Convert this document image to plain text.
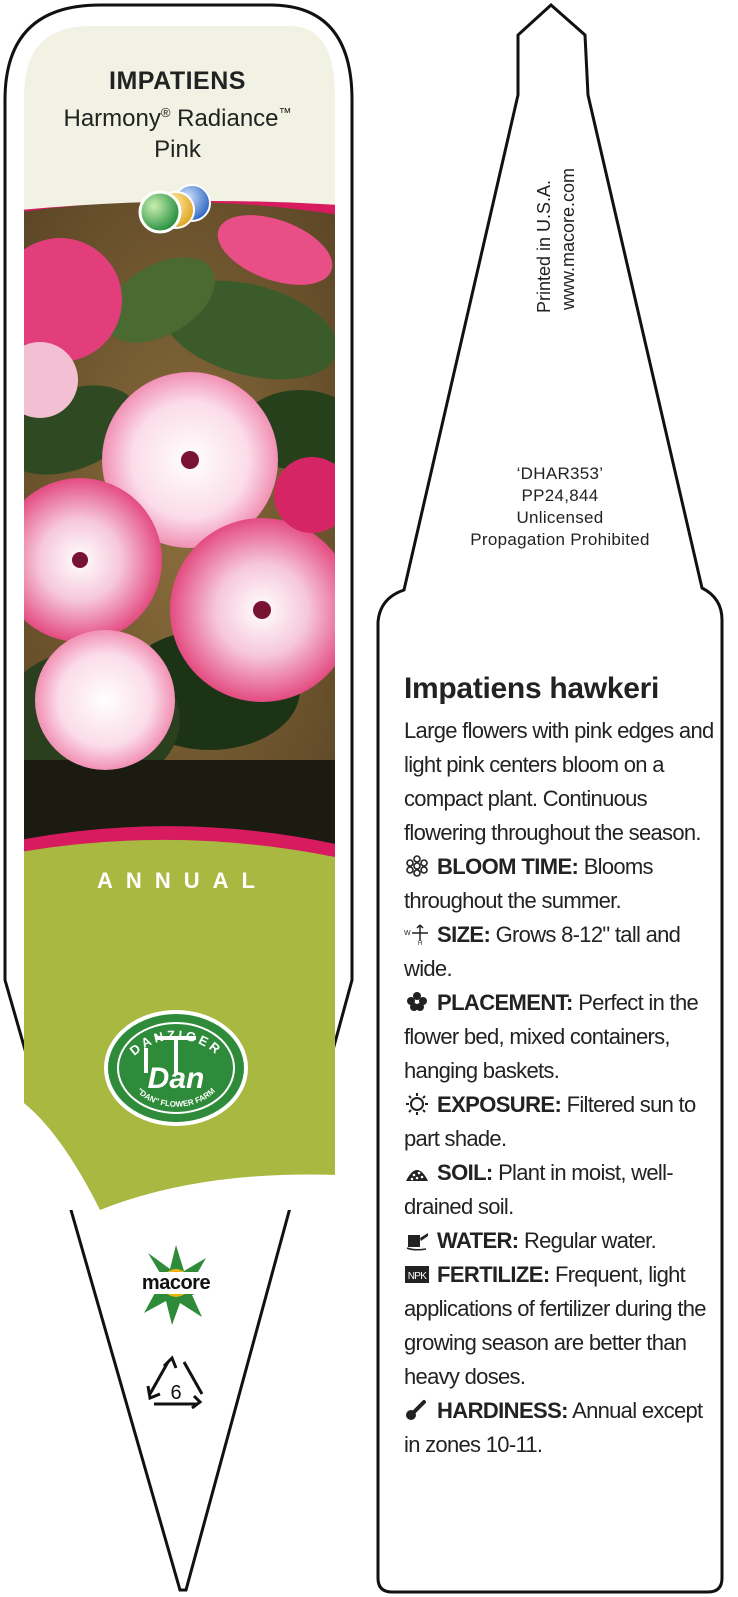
IMPATIENS
Harmony® Radiance™
Pink
ANNUAL
DANZIGER
Dan
"DAN" FLOWER FARM
macore
6
Printed in U.S.A. www.macore.com
‘DHAR353’
PP24,844
Unlicensed
Propagation Prohibited
Impatiens hawkeri

Large flowers with pink edges and light pink centers bloom on a compact plant. Continuous flowering throughout the season.

BLOOM TIME: Blooms throughout the summer.

W
H SIZE: Grows 8-12" tall and wide.

PLACEMENT: Perfect in the flower bed, mixed containers, hanging baskets.

EXPOSURE: Filtered sun to part shade.

SOIL: Plant in moist, well-drained soil.

WATER: Regular water.

NPK FERTILIZE: Frequent, light applications of fertilizer during the growing season are better than heavy doses.

HARDINESS: Annual except in zones 10-11.
